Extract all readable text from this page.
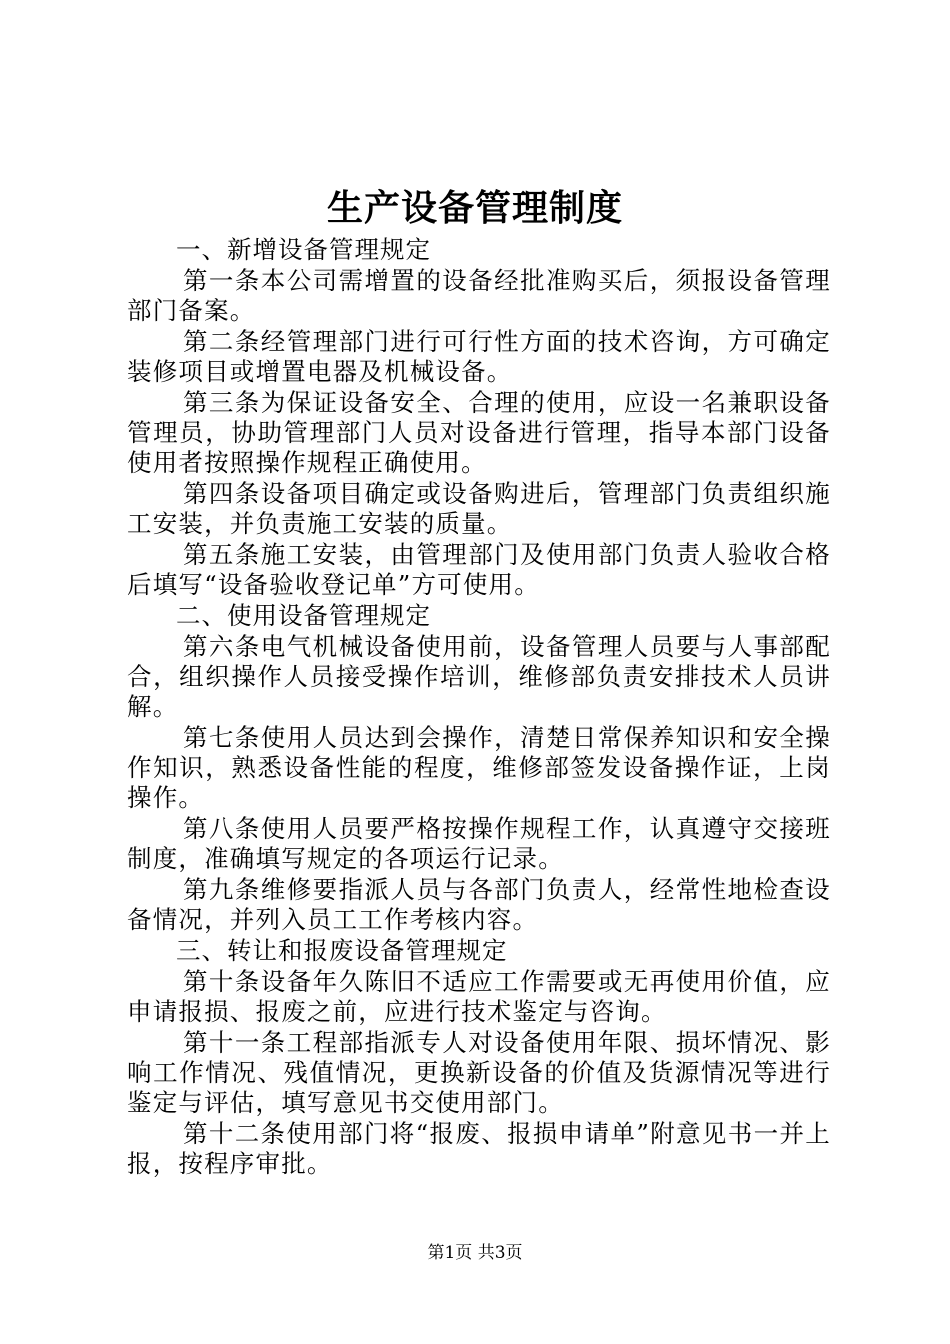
生产设备管理制度

一、新增设备管理规定

第一条本公司需增置的设备经批准购买后，须报设备管理部门备案。

第二条经管理部门进行可行性方面的技术咨询，方可确定装修项目或增置电器及机械设备。

第三条为保证设备安全、合理的使用，应设一名兼职设备管理员，协助管理部门人员对设备进行管理，指导本部门设备使用者按照操作规程正确使用。

第四条设备项目确定或设备购进后，管理部门负责组织施工安装，并负责施工安装的质量。

第五条施工安装，由管理部门及使用部门负责人验收合格后填写“设备验收登记单”方可使用。

二、使用设备管理规定

第六条电气机械设备使用前，设备管理人员要与人事部配合，组织操作人员接受操作培训，维修部负责安排技术人员讲解。

第七条使用人员达到会操作，清楚日常保养知识和安全操作知识，熟悉设备性能的程度，维修部签发设备操作证，上岗操作。

第八条使用人员要严格按操作规程工作，认真遵守交接班制度，准确填写规定的各项运行记录。

第九条维修要指派人员与各部门负责人，经常性地检查设备情况，并列入员工工作考核内容。

三、转让和报废设备管理规定

第十条设备年久陈旧不适应工作需要或无再使用价值，应申请报损、报废之前，应进行技术鉴定与咨询。

第十一条工程部指派专人对设备使用年限、损坏情况、影响工作情况、残值情况，更换新设备的价值及货源情况等进行鉴定与评估，填写意见书交使用部门。

第十二条使用部门将“报废、报损申请单”附意见书一并上报，按程序审批。

第1页 共3页
